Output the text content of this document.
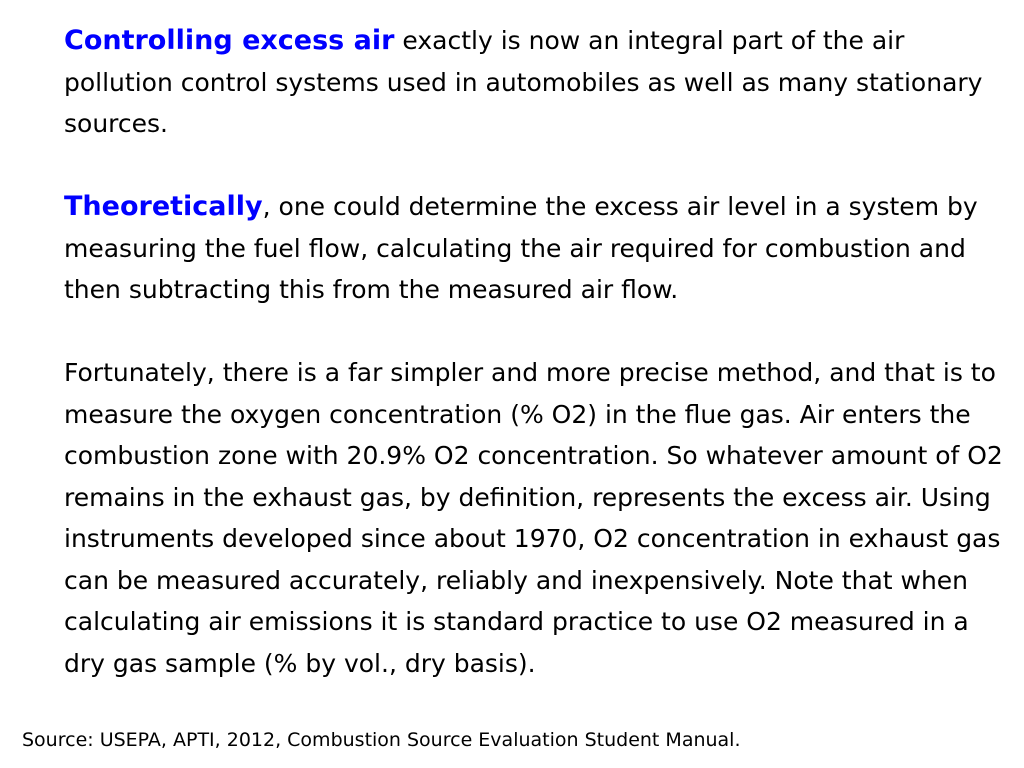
Controlling excess air exactly is now an integral part of the air pollution control systems used in automobiles as well as many stationary sources.

Theoretically, one could determine the excess air level in a system by measuring the fuel flow, calculating the air required for combustion and then subtracting this from the measured air flow.

Fortunately, there is a far simpler and more precise method, and that is to measure the oxygen concentration (% O2) in the flue gas. Air enters the combustion zone with 20.9% O2 concentration. So whatever amount of O2 remains in the exhaust gas, by definition, represents the excess air. Using instruments developed since about 1970, O2 concentration in exhaust gas can be measured accurately, reliably and inexpensively. Note that when calculating air emissions it is standard practice to use O2 measured in a dry gas sample (% by vol., dry basis).

Source: USEPA, APTI, 2012, Combustion Source Evaluation Student Manual.
